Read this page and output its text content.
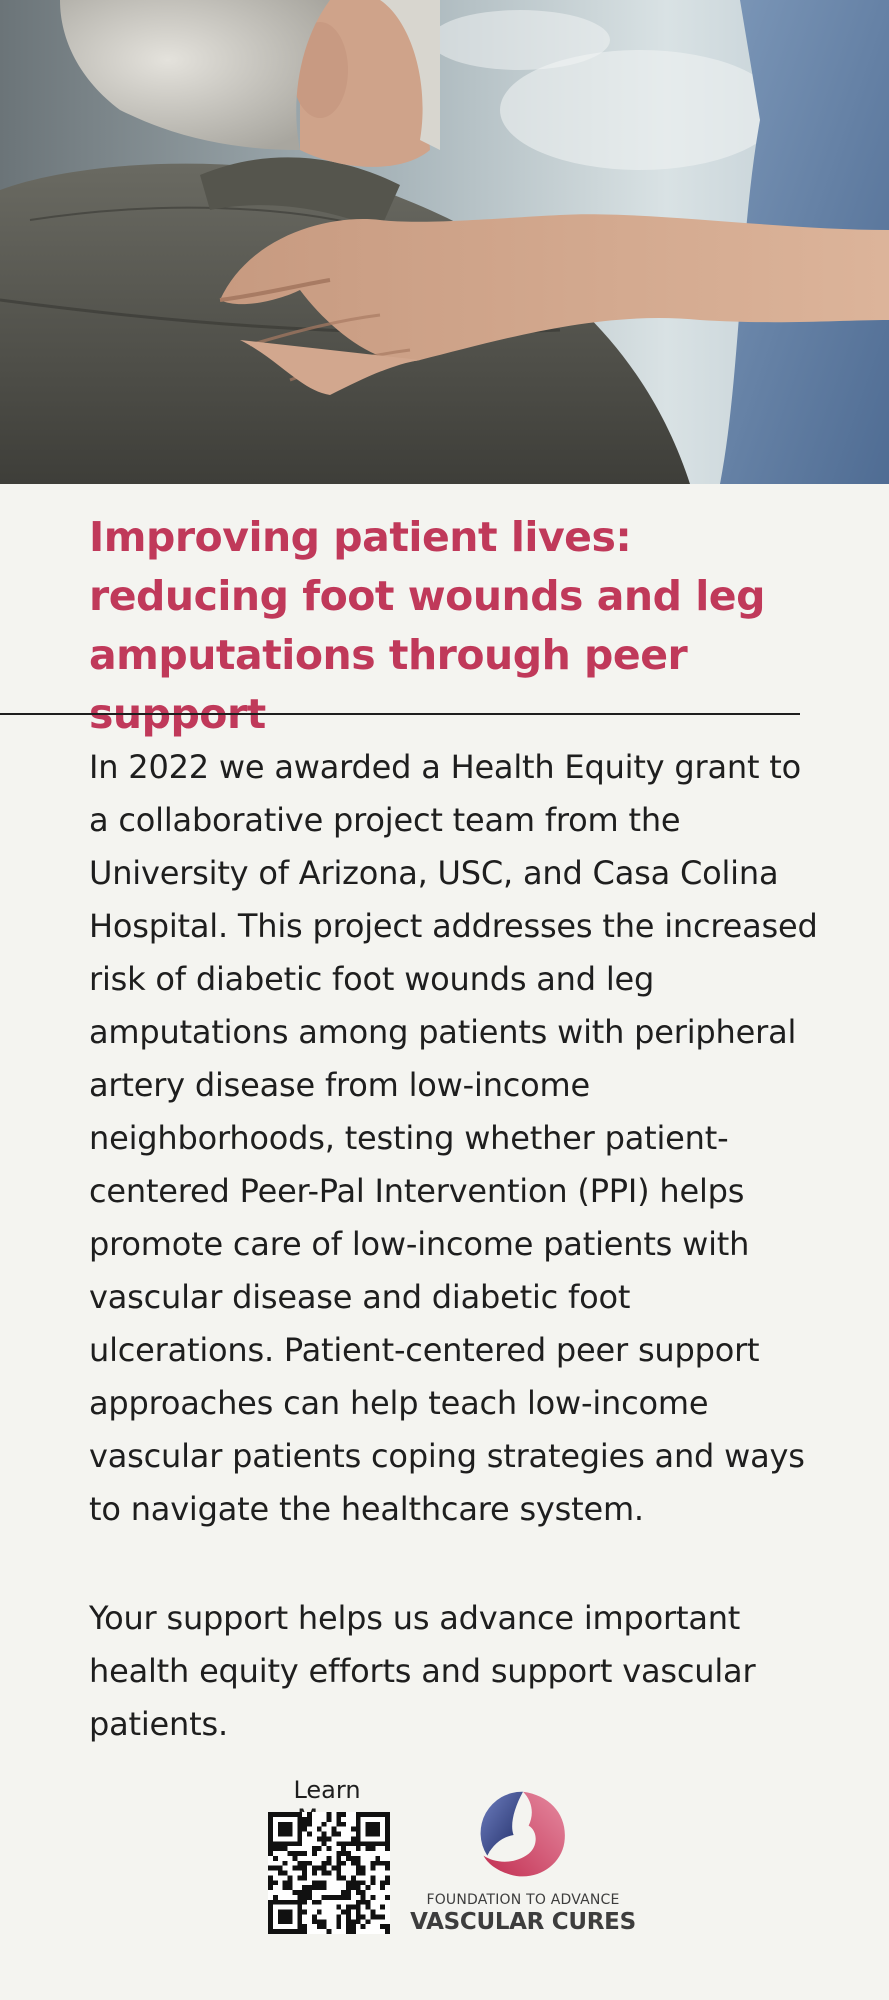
Improving patient lives: reducing foot wounds and leg amputations through peer support

In 2022 we awarded a Health Equity grant to a collaborative project team from the University of Arizona, USC, and Casa Colina Hospital. This project addresses the increased risk of diabetic foot wounds and leg amputations among patients with peripheral artery disease from low-income neighborhoods, testing whether patient-centered Peer-Pal Intervention (PPI) helps promote care of low-income patients with vascular disease and diabetic foot ulcerations. Patient-centered peer support approaches can help teach low-income vascular patients coping strategies and ways to navigate the healthcare system.

Your support helps us advance important health equity efforts and support vascular patients.

Learn
FOUNDATION TO ADVANCE
VASCULAR CURES
